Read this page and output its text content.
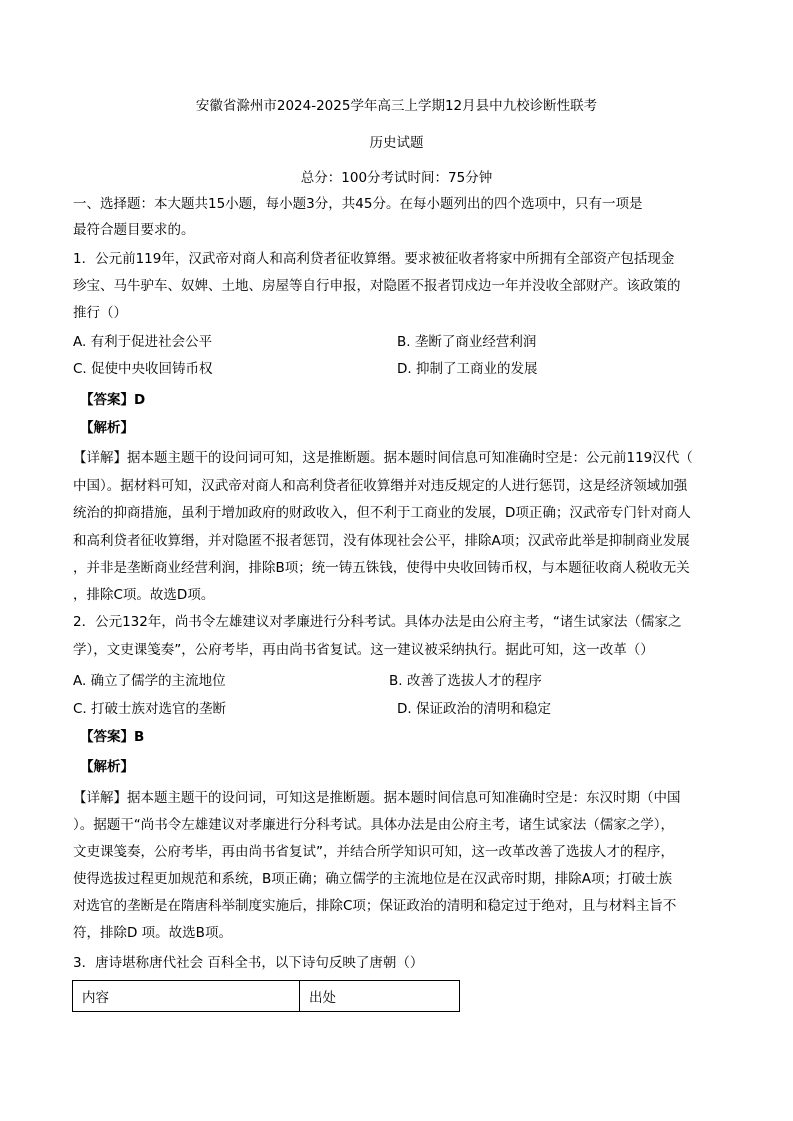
安徽省滁州市2024-2025学年高三上学期12月县中九校诊断性联考
历史试题
总分：100分考试时间：75分钟
一、选择题：本大题共15小题，每小题3分，共45分。在每小题列出的四个选项中，只有一项是
最符合题目要求的。
1．公元前119年，汉武帝对商人和高利贷者征收算缗。要求被征收者将家中所拥有全部资产包括现金
珍宝、马牛驴车、奴婢、土地、房屋等自行申报，对隐匿不报者罚戍边一年并没收全部财产。该政策的
推行（）
A. 有利于促进社会公平	B. 垄断了商业经营利润
C. 促使中央收回铸币权	D. 抑制了工商业的发展
【答案】D
【解析】
【详解】据本题主题干的设问词可知，这是推断题。据本题时间信息可知准确时空是：公元前119汉代（
中国）。据材料可知，汉武帝对商人和高利贷者征收算缗并对违反规定的人进行惩罚，这是经济领域加强
统治的抑商措施，虽利于增加政府的财政收入，但不利于工商业的发展，D项正确；汉武帝专门针对商人
和高利贷者征收算缗，并对隐匿不报者惩罚，没有体现社会公平，排除A项；汉武帝此举是抑制商业发展
，并非是垄断商业经营利润，排除B项；统一铸五铢钱，使得中央收回铸币权，与本题征收商人税收无关
，排除C项。故选D项。
2．公元132年，尚书令左雄建议对孝廉进行分科考试。具体办法是由公府主考，“诸生试家法（儒家之
学），文吏课笺奏”，公府考毕，再由尚书省复试。这一建议被采纳执行。据此可知，这一改革（）
A. 确立了儒学的主流地位	B. 改善了选拔人才的程序
C. 打破士族对选官的垄断	D. 保证政治的清明和稳定
【答案】B
【解析】
【详解】据本题主题干的设问词，可知这是推断题。据本题时间信息可知准确时空是：东汉时期（中国
）。据题干“尚书令左雄建议对孝廉进行分科考试。具体办法是由公府主考，诸生试家法（儒家之学），
文吏课笺奏，公府考毕，再由尚书省复试”，并结合所学知识可知，这一改革改善了选拔人才的程序，
使得选拔过程更加规范和系统，B项正确；确立儒学的主流地位是在汉武帝时期，排除A项；打破士族
对选官的垄断是在隋唐科举制度实施后，排除C项；保证政治的清明和稳定过于绝对，且与材料主旨不
符，排除D 项。故选B项。
3．唐诗堪称唐代社会 百科全书，以下诗句反映了唐朝（）
内容	出处
